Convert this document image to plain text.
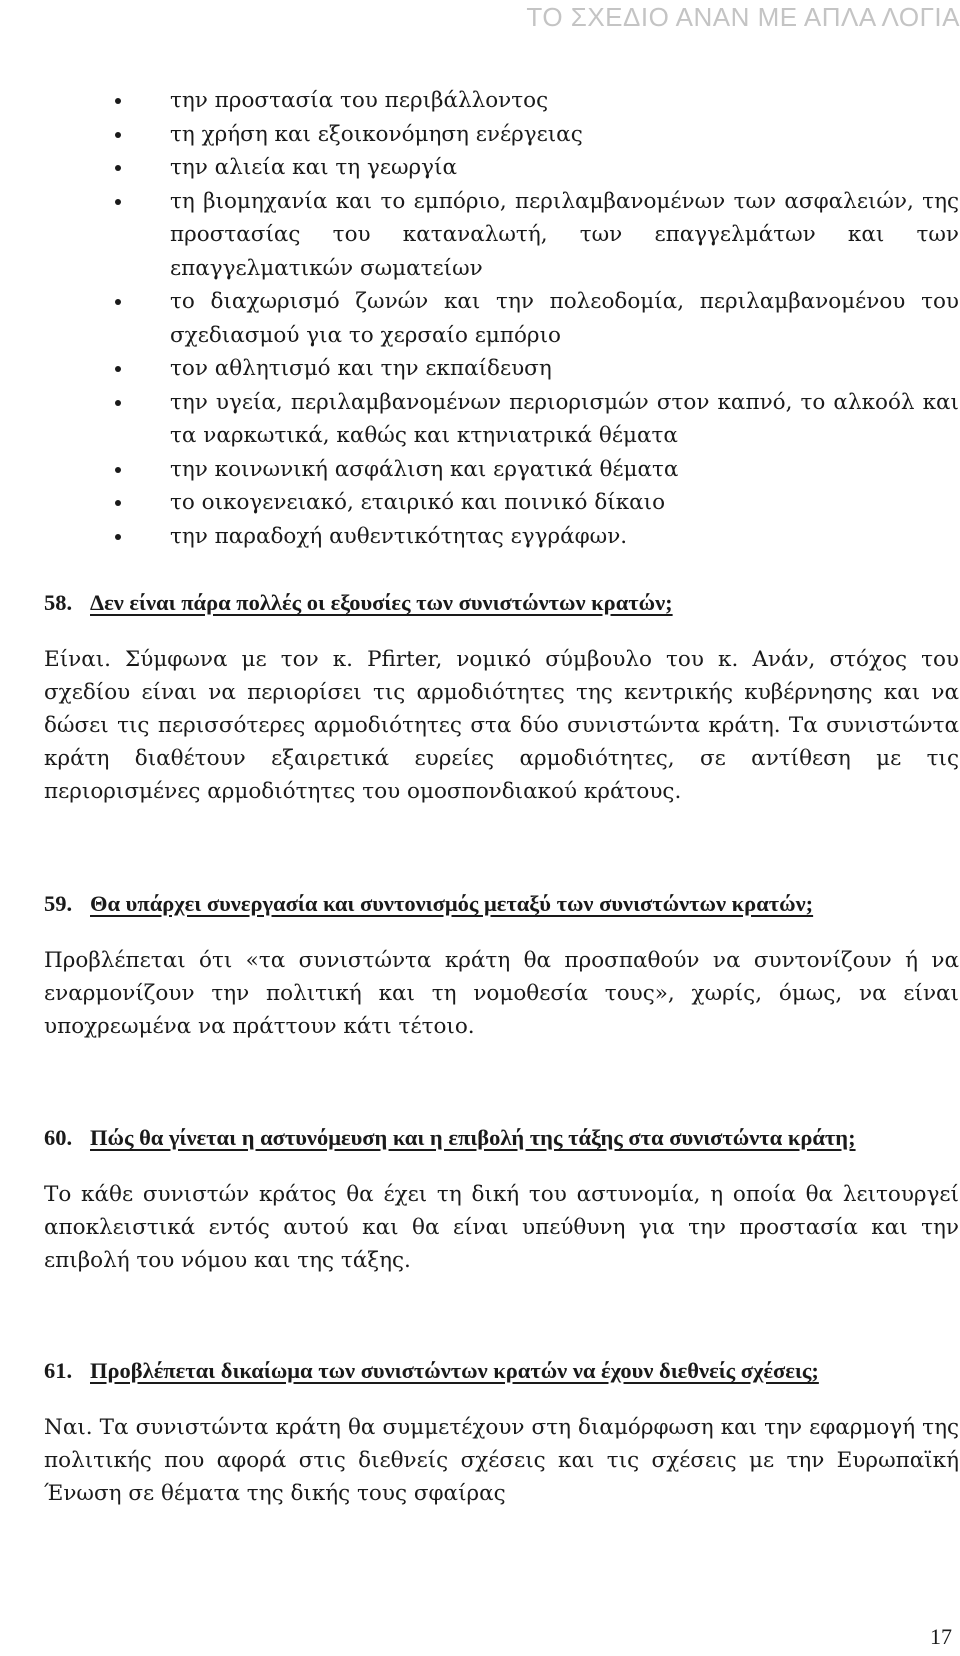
ΤΟ ΣΧΕΔΙΟ ΑΝΑΝ ΜΕ ΑΠΛΑ ΛΟΓΙΑ
την προστασία του περιβάλλοντος
τη χρήση και εξοικονόμηση ενέργειας
την αλιεία και τη γεωργία
τη βιομηχανία και το εμπόριο, περιλαμβανομένων των ασφαλειών, της προστασίας του καταναλωτή, των επαγγελμάτων και των επαγγελματικών σωματείων
το διαχωρισμό ζωνών και την πολεοδομία, περιλαμβανομένου του σχεδιασμού για το χερσαίο εμπόριο
τον αθλητισμό και την εκπαίδευση
την υγεία, περιλαμβανομένων περιορισμών στον καπνό, το αλκοόλ και τα ναρκωτικά, καθώς και κτηνιατρικά θέματα
την κοινωνική ασφάλιση και εργατικά θέματα
το οικογενειακό, εταιρικό και ποινικό δίκαιο
την παραδοχή αυθεντικότητας εγγράφων.
58. Δεν είναι πάρα πολλές οι εξουσίες των συνιστώντων κρατών;
Είναι. Σύμφωνα με τον κ. Pfirter, νομικό σύμβουλο του κ. Ανάν, στόχος του σχεδίου είναι να περιορίσει τις αρμοδιότητες της κεντρικής κυβέρνησης και να δώσει τις περισσότερες αρμοδιότητες στα δύο συνιστώντα κράτη. Τα συνιστώντα κράτη διαθέτουν εξαιρετικά ευρείες αρμοδιότητες, σε αντίθεση με τις περιορισμένες αρμοδιότητες του ομοσπονδιακού κράτους.
59. Θα υπάρχει συνεργασία και συντονισμός μεταξύ των συνιστώντων κρατών;
Προβλέπεται ότι «τα συνιστώντα κράτη θα προσπαθούν να συντονίζουν ή να εναρμονίζουν την πολιτική και τη νομοθεσία τους», χωρίς, όμως, να είναι υποχρεωμένα να πράττουν κάτι τέτοιο.
60. Πώς θα γίνεται η αστυνόμευση και η επιβολή της τάξης στα συνιστώντα κράτη;
Το κάθε συνιστών κράτος θα έχει τη δική του αστυνομία, η οποία θα λειτουργεί αποκλειστικά εντός αυτού και θα είναι υπεύθυνη για την προστασία και την επιβολή του νόμου και της τάξης.
61. Προβλέπεται δικαίωμα των συνιστώντων κρατών να έχουν διεθνείς σχέσεις;
Ναι. Τα συνιστώντα κράτη θα συμμετέχουν στη διαμόρφωση και την εφαρμογή της πολιτικής που αφορά στις διεθνείς σχέσεις και τις σχέσεις με την Ευρωπαϊκή Ένωση σε θέματα της δικής τους σφαίρας
17
